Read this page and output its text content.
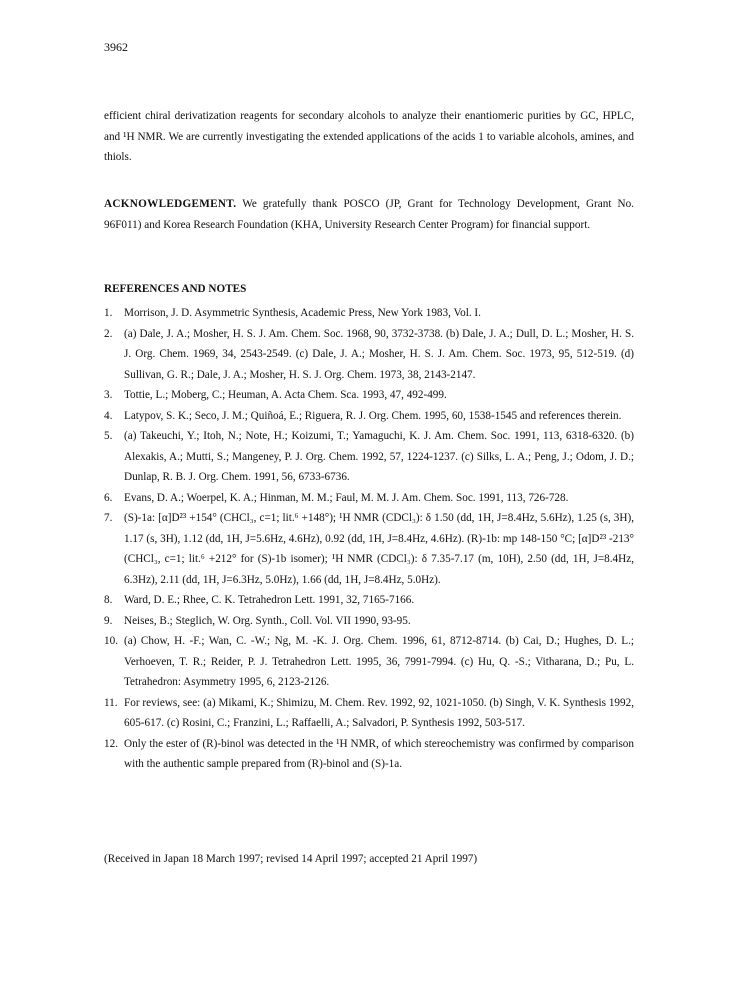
3962
efficient chiral derivatization reagents for secondary alcohols to analyze their enantiomeric purities by GC, HPLC, and ¹H NMR. We are currently investigating the extended applications of the acids 1 to variable alcohols, amines, and thiols.
ACKNOWLEDGEMENT. We gratefully thank POSCO (JP, Grant for Technology Development, Grant No. 96F011) and Korea Research Foundation (KHA, University Research Center Program) for financial support.
REFERENCES AND NOTES
1.	Morrison, J. D. Asymmetric Synthesis, Academic Press, New York 1983, Vol. I.
2.	(a) Dale, J. A.; Mosher, H. S. J. Am. Chem. Soc. 1968, 90, 3732-3738. (b) Dale, J. A.; Dull, D. L.; Mosher, H. S. J. Org. Chem. 1969, 34, 2543-2549. (c) Dale, J. A.; Mosher, H. S. J. Am. Chem. Soc. 1973, 95, 512-519. (d) Sullivan, G. R.; Dale, J. A.; Mosher, H. S. J. Org. Chem. 1973, 38, 2143-2147.
3.	Tottie, L.; Moberg, C.; Heuman, A. Acta Chem. Sca. 1993, 47, 492-499.
4.	Latypov, S. K.; Seco, J. M.; Quiñoá, E.; Riguera, R. J. Org. Chem. 1995, 60, 1538-1545 and references therein.
5.	(a) Takeuchi, Y.; Itoh, N.; Note, H.; Koizumi, T.; Yamaguchi, K. J. Am. Chem. Soc. 1991, 113, 6318-6320. (b) Alexakis, A.; Mutti, S.; Mangeney, P. J. Org. Chem. 1992, 57, 1224-1237. (c) Silks, L. A.; Peng, J.; Odom, J. D.; Dunlap, R. B. J. Org. Chem. 1991, 56, 6733-6736.
6.	Evans, D. A.; Woerpel, K. A.; Hinman, M. M.; Faul, M. M. J. Am. Chem. Soc. 1991, 113, 726-728.
7.	(S)-1a: [α]D²³ +154° (CHCl₃, c=1; lit.⁶ +148°); ¹H NMR (CDCl₃): δ 1.50 (dd, 1H, J=8.4Hz, 5.6Hz), 1.25 (s, 3H), 1.17 (s, 3H), 1.12 (dd, 1H, J=5.6Hz, 4.6Hz), 0.92 (dd, 1H, J=8.4Hz, 4.6Hz). (R)-1b: mp 148-150 °C; [α]D²³ -213° (CHCl₃, c=1; lit.⁶ +212° for (S)-1b isomer); ¹H NMR (CDCl₃): δ 7.35-7.17 (m, 10H), 2.50 (dd, 1H, J=8.4Hz, 6.3Hz), 2.11 (dd, 1H, J=6.3Hz, 5.0Hz), 1.66 (dd, 1H, J=8.4Hz, 5.0Hz).
8.	Ward, D. E.; Rhee, C. K. Tetrahedron Lett. 1991, 32, 7165-7166.
9.	Neises, B.; Steglich, W. Org. Synth., Coll. Vol. VII 1990, 93-95.
10. (a) Chow, H. -F.; Wan, C. -W.; Ng, M. -K. J. Org. Chem. 1996, 61, 8712-8714. (b) Cai, D.; Hughes, D. L.; Verhoeven, T. R.; Reider, P. J. Tetrahedron Lett. 1995, 36, 7991-7994. (c) Hu, Q. -S.; Vitharana, D.; Pu, L. Tetrahedron: Asymmetry 1995, 6, 2123-2126.
11. For reviews, see: (a) Mikami, K.; Shimizu, M. Chem. Rev. 1992, 92, 1021-1050. (b) Singh, V. K. Synthesis 1992, 605-617. (c) Rosini, C.; Franzini, L.; Raffaelli, A.; Salvadori, P. Synthesis 1992, 503-517.
12. Only the ester of (R)-binol was detected in the ¹H NMR, of which stereochemistry was confirmed by comparison with the authentic sample prepared from (R)-binol and (S)-1a.
(Received in Japan 18 March 1997; revised 14 April 1997; accepted 21 April 1997)
